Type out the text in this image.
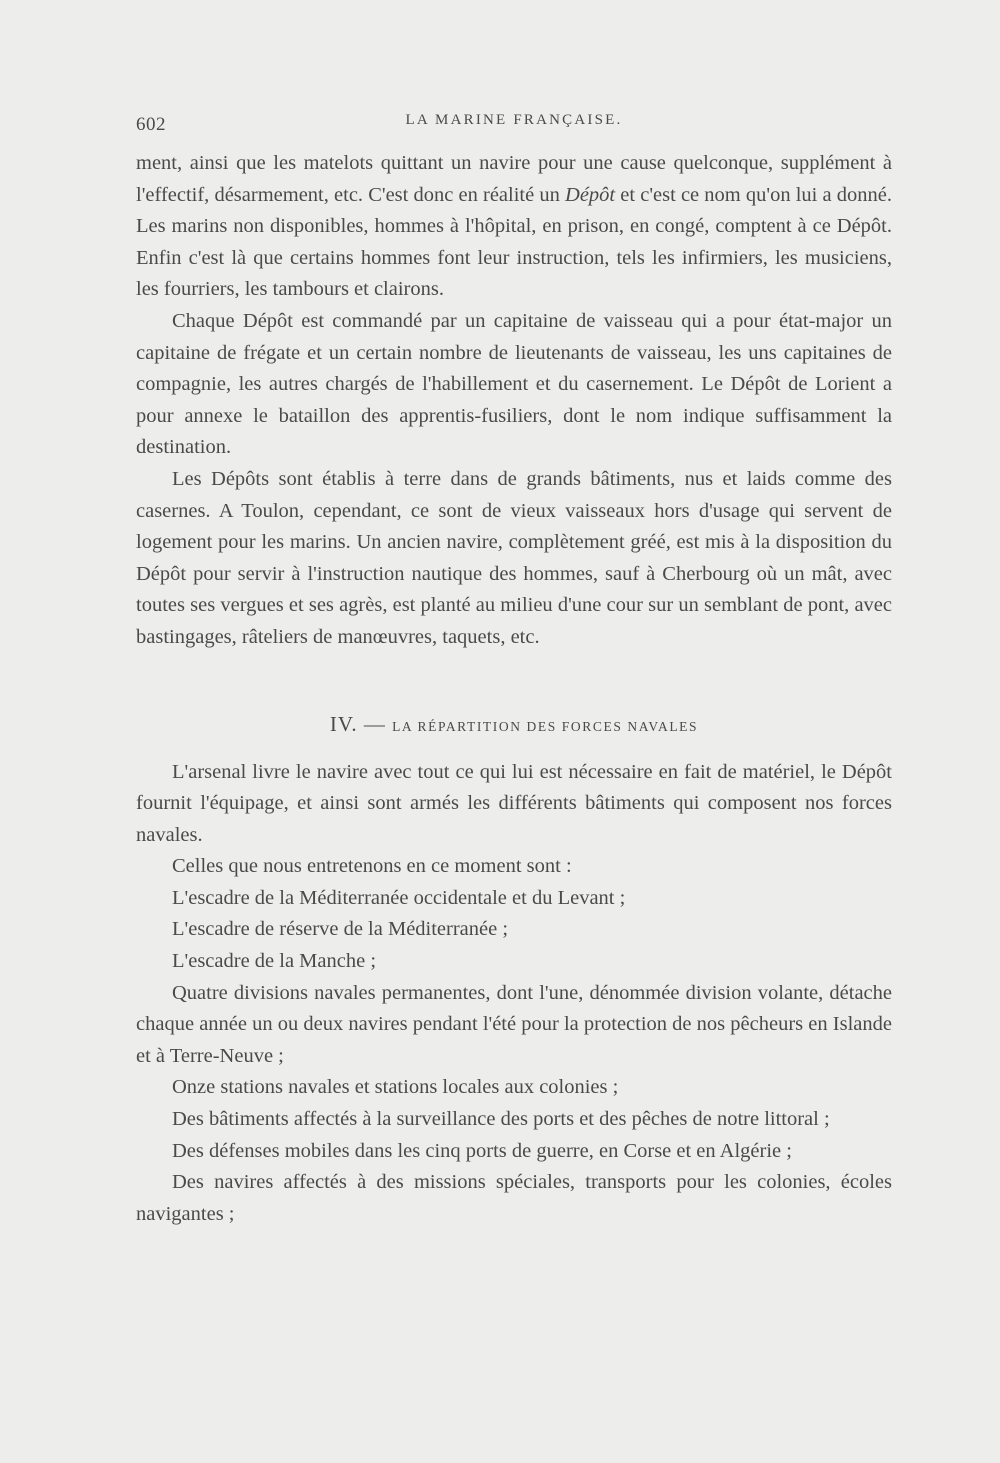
602	LA MARINE FRANÇAISE.

ment, ainsi que les matelots quittant un navire pour une cause quelconque, supplément à l'effectif, désarmement, etc. C'est donc en réalité un Dépôt et c'est ce nom qu'on lui a donné. Les marins non disponibles, hommes à l'hôpital, en prison, en congé, comptent à ce Dépôt. Enfin c'est là que certains hommes font leur instruction, tels les infirmiers, les musiciens, les fourriers, les tambours et clairons.

Chaque Dépôt est commandé par un capitaine de vaisseau qui a pour état-major un capitaine de frégate et un certain nombre de lieutenants de vaisseau, les uns capitaines de compagnie, les autres chargés de l'habillement et du casernement. Le Dépôt de Lorient a pour annexe le bataillon des apprentis-fusiliers, dont le nom indique suffisamment la destination.

Les Dépôts sont établis à terre dans de grands bâtiments, nus et laids comme des casernes. A Toulon, cependant, ce sont de vieux vaisseaux hors d'usage qui servent de logement pour les marins. Un ancien navire, complètement gréé, est mis à la disposition du Dépôt pour servir à l'instruction nautique des hommes, sauf à Cherbourg où un mât, avec toutes ses vergues et ses agrès, est planté au milieu d'une cour sur un semblant de pont, avec bastingages, râteliers de manœuvres, taquets, etc.

IV. — LA RÉPARTITION DES FORCES NAVALES

L'arsenal livre le navire avec tout ce qui lui est nécessaire en fait de matériel, le Dépôt fournit l'équipage, et ainsi sont armés les différents bâtiments qui composent nos forces navales.

Celles que nous entretenons en ce moment sont :

L'escadre de la Méditerranée occidentale et du Levant ;

L'escadre de réserve de la Méditerranée ;

L'escadre de la Manche ;

Quatre divisions navales permanentes, dont l'une, dénommée division volante, détache chaque année un ou deux navires pendant l'été pour la protection de nos pêcheurs en Islande et à Terre-Neuve ;

Onze stations navales et stations locales aux colonies ;

Des bâtiments affectés à la surveillance des ports et des pêches de notre littoral ;

Des défenses mobiles dans les cinq ports de guerre, en Corse et en Algérie ;

Des navires affectés à des missions spéciales, transports pour les colonies, écoles navigantes ;
